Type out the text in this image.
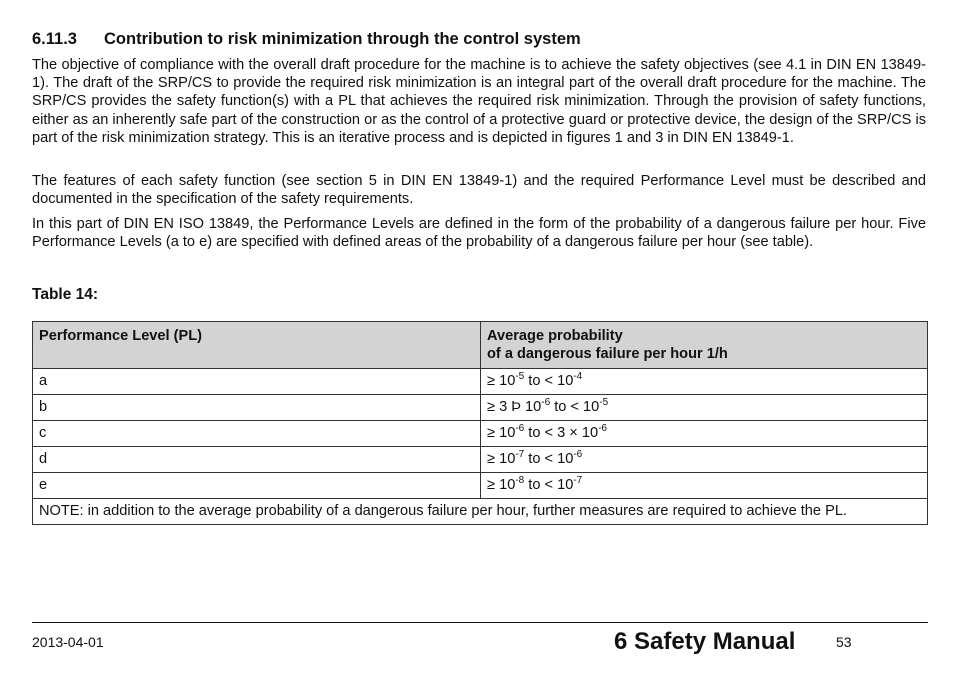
6.11.3 Contribution to risk minimization through the control system

The objective of compliance with the overall draft procedure for the machine is to achieve the safety objectives (see 4.1 in DIN EN 13849-1). The draft of the SRP/CS to provide the required risk minimization is an integral part of the overall draft procedure for the machine. The SRP/CS provides the safety function(s) with a PL that achieves the required risk minimization. Through the provision of safety functions, either as an inherently safe part of the construction or as the control of a protective guard or protective device, the design of the SRP/CS is part of the risk minimization strategy. This is an iterative process and is depicted in figures 1 and 3 in DIN EN 13849-1.

The features of each safety function (see section 5 in DIN EN 13849-1) and the required Performance Level must be described and documented in the specification of the safety requirements.

In this part of DIN EN ISO 13849, the Performance Levels are defined in the form of the probability of a dangerous failure per hour. Five Performance Levels (a to e) are specified with defined areas of the probability of a dangerous failure per hour (see table).

Table 14:

Performance Level (PL)	Average probability
of a dangerous failure per hour 1/h
a	≥ $10^{-5}$ to < $10^{-4}$
b	≥ 3 Þ $10^{-6}$ to < $10^{-5}$
c	≥ $10^{-6}$ to < $3 \times 10^{-6}$
d	≥ $10^{-7}$ to < $10^{-6}$
e	≥ $10^{-8}$ to < $10^{-7}$
NOTE: in addition to the average probability of a dangerous failure per hour, further measures are required to achieve the PL.	
2013-04-01	6 Safety Manual	53
